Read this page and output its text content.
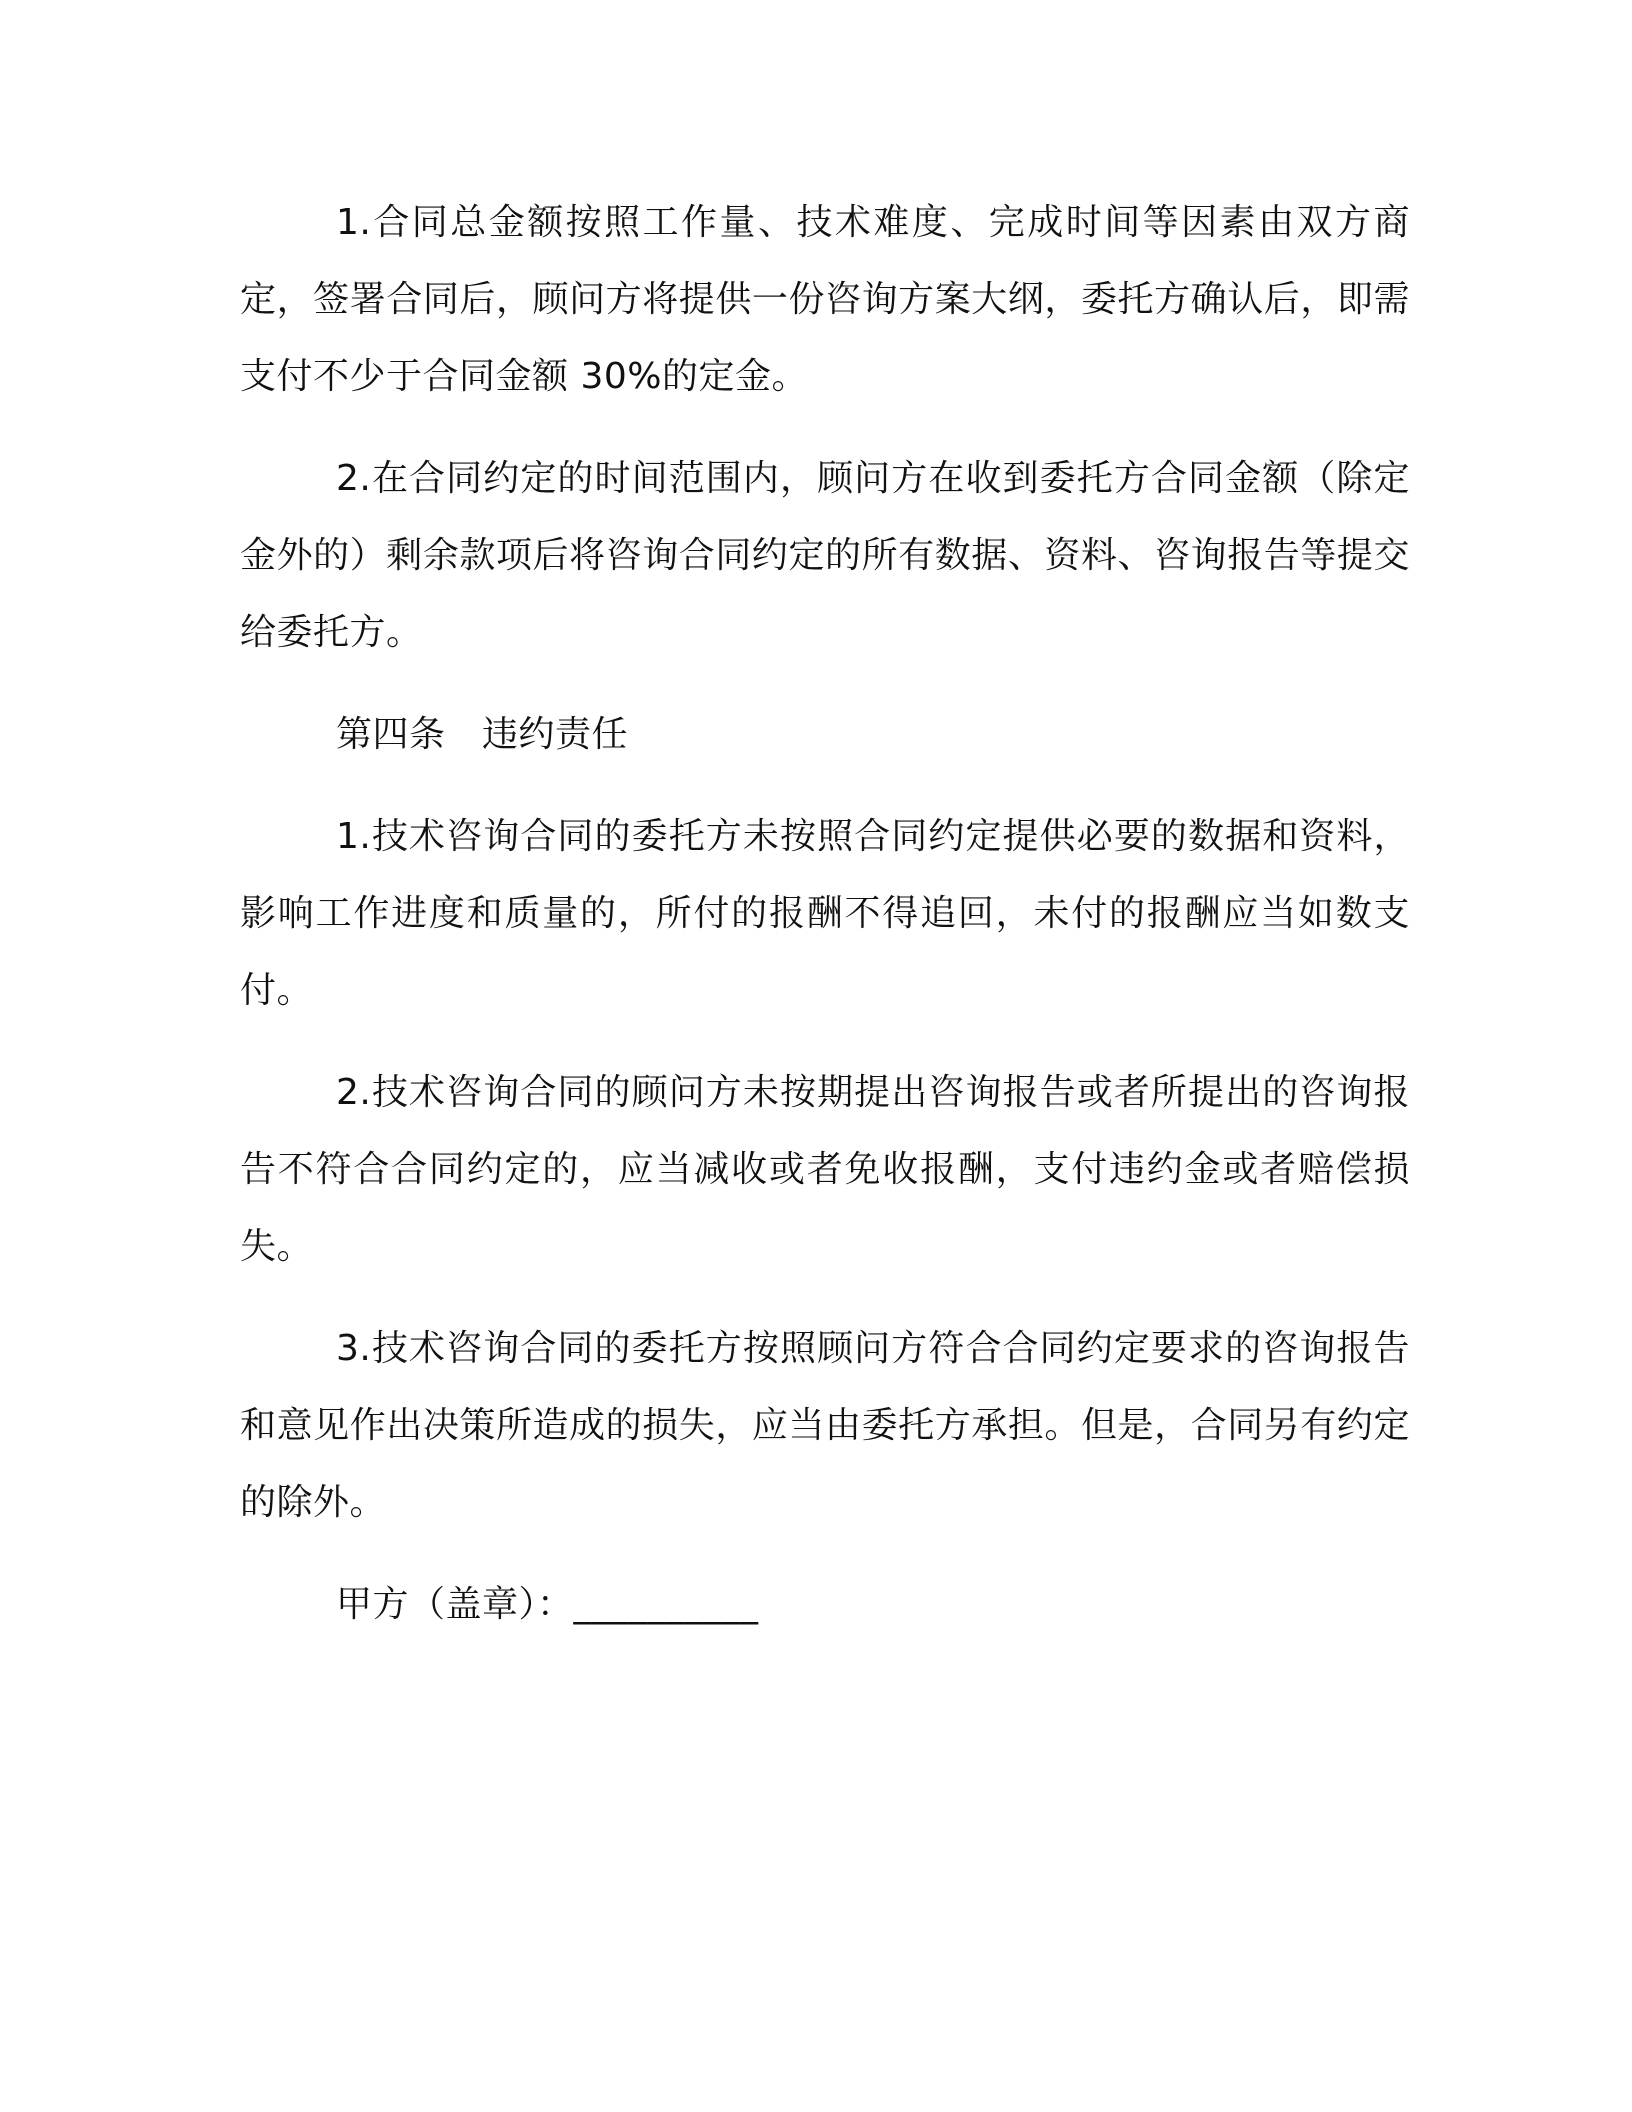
1.合同总金额按照工作量、技术难度、完成时间等因素由双方商定，签署合同后，顾问方将提供一份咨询方案大纲，委托方确认后，即需支付不少于合同金额 30%的定金。

2.在合同约定的时间范围内，顾问方在收到委托方合同金额（除定金外的）剩余款项后将咨询合同约定的所有数据、资料、咨询报告等提交给委托方。

第四条　违约责任

1.技术咨询合同的委托方未按照合同约定提供必要的数据和资料，影响工作进度和质量的，所付的报酬不得追回，未付的报酬应当如数支付。

2.技术咨询合同的顾问方未按期提出咨询报告或者所提出的咨询报告不符合合同约定的，应当减收或者免收报酬，支付违约金或者赔偿损失。

3.技术咨询合同的委托方按照顾问方符合合同约定要求的咨询报告和意见作出决策所造成的损失，应当由委托方承担。但是，合同另有约定的除外。

甲方（盖章）：__________
